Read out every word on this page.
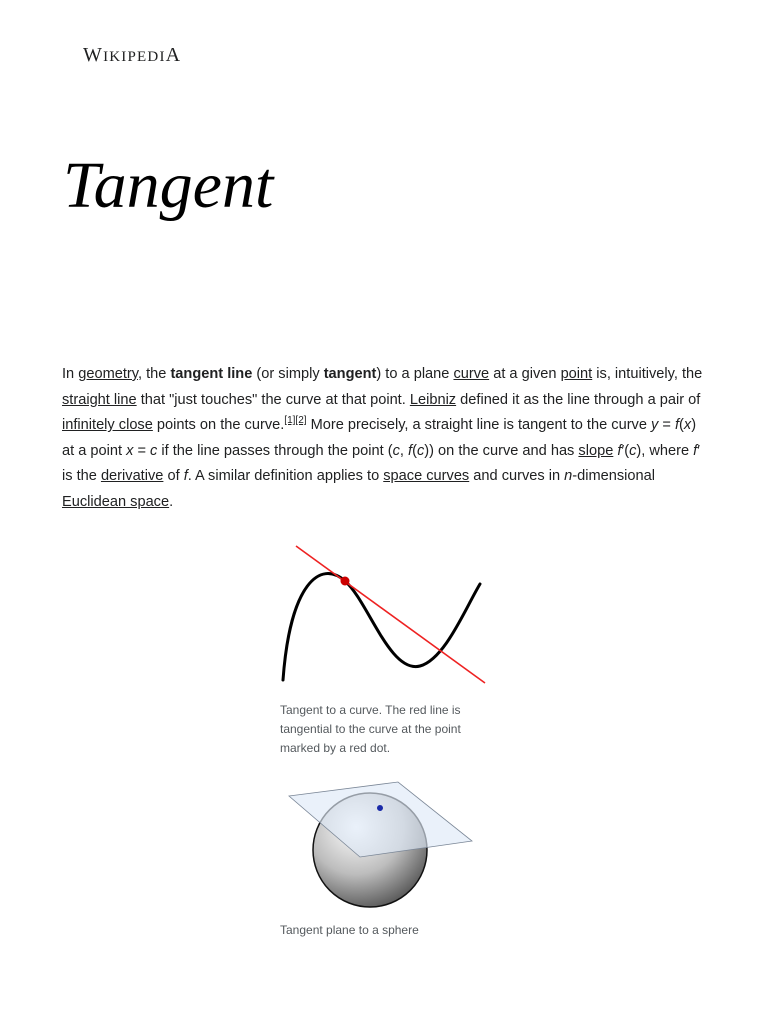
WIKIPEDIA
Tangent

In geometry, the tangent line (or simply tangent) to a plane curve at a given point is, intuitively, the straight line that "just touches" the curve at that point. Leibniz defined it as the line through a pair of infinitely close points on the curve.[1][2] More precisely, a straight line is tangent to the curve y = f(x) at a point x = c if the line passes through the point (c, f(c)) on the curve and has slope f′(c), where f′ is the derivative of f. A similar definition applies to space curves and curves in n-dimensional Euclidean space.

Tangent to a curve. The red line is tangential to the curve at the point marked by a red dot.
Tangent plane to a sphere
